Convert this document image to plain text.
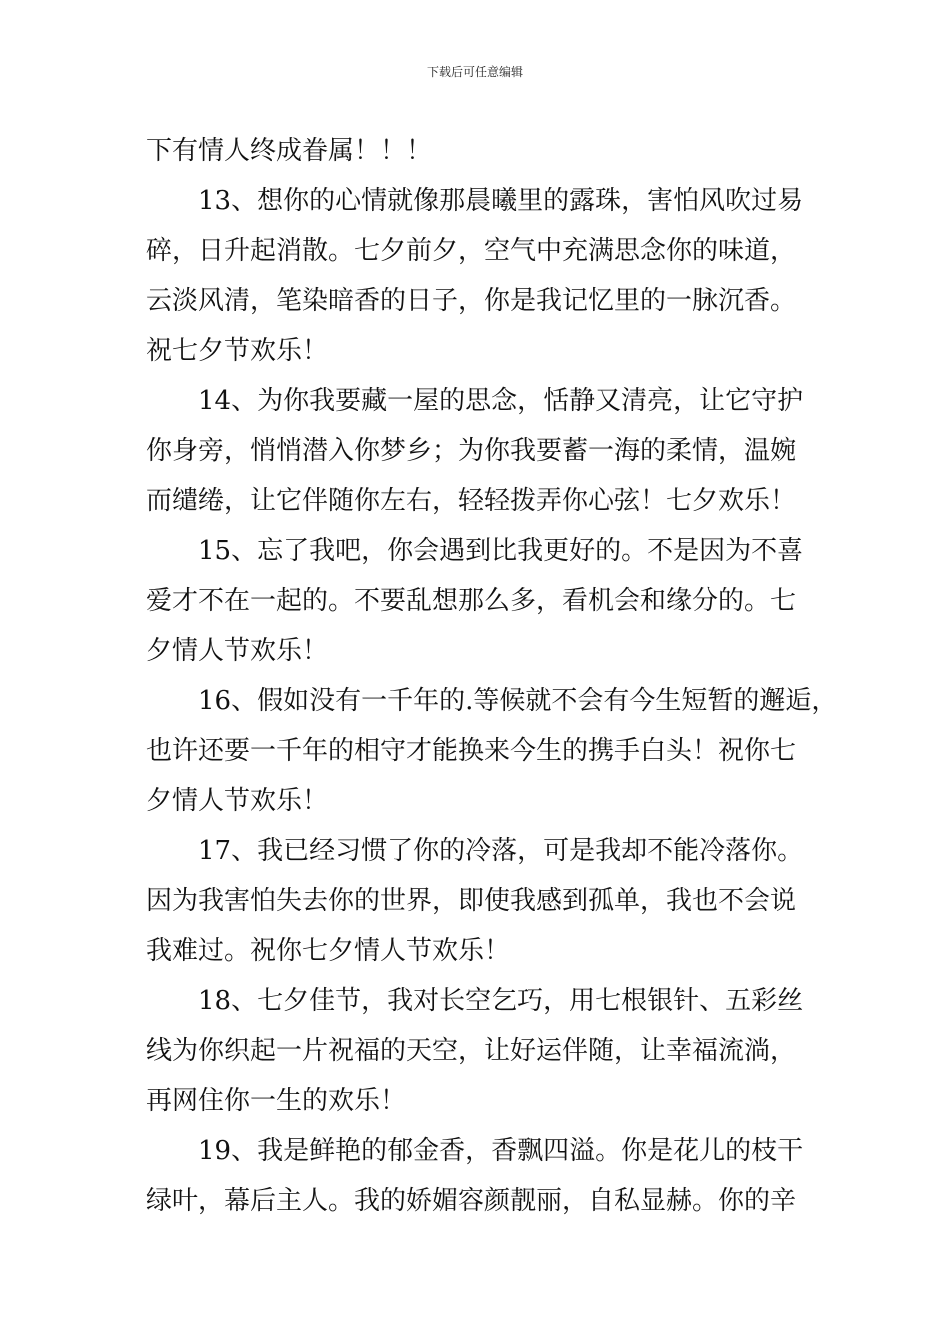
下载后可任意编辑
下有情人终成眷属！！！
13、想你的心情就像那晨曦里的露珠，害怕风吹过易
碎，日升起消散。七夕前夕，空气中充满思念你的味道，
云淡风清，笔染暗香的日子，你是我记忆里的一脉沉香。
祝七夕节欢乐！
14、为你我要藏一屋的思念，恬静又清亮，让它守护
你身旁，悄悄潜入你梦乡；为你我要蓄一海的柔情，温婉
而缱绻，让它伴随你左右，轻轻拨弄你心弦！七夕欢乐！
15、忘了我吧，你会遇到比我更好的。不是因为不喜
爱才不在一起的。不要乱想那么多，看机会和缘分的。七
夕情人节欢乐！
16、假如没有一千年的.等候就不会有今生短暂的邂逅，
也许还要一千年的相守才能换来今生的携手白头！祝你七
夕情人节欢乐！
17、我已经习惯了你的冷落，可是我却不能冷落你。
因为我害怕失去你的世界，即使我感到孤单，我也不会说
我难过。祝你七夕情人节欢乐！
18、七夕佳节，我对长空乞巧，用七根银针、五彩丝
线为你织起一片祝福的天空，让好运伴随，让幸福流淌，
再网住你一生的欢乐！
19、我是鲜艳的郁金香，香飘四溢。你是花儿的枝干
绿叶，幕后主人。我的娇媚容颜靓丽，自私显赫。你的辛
